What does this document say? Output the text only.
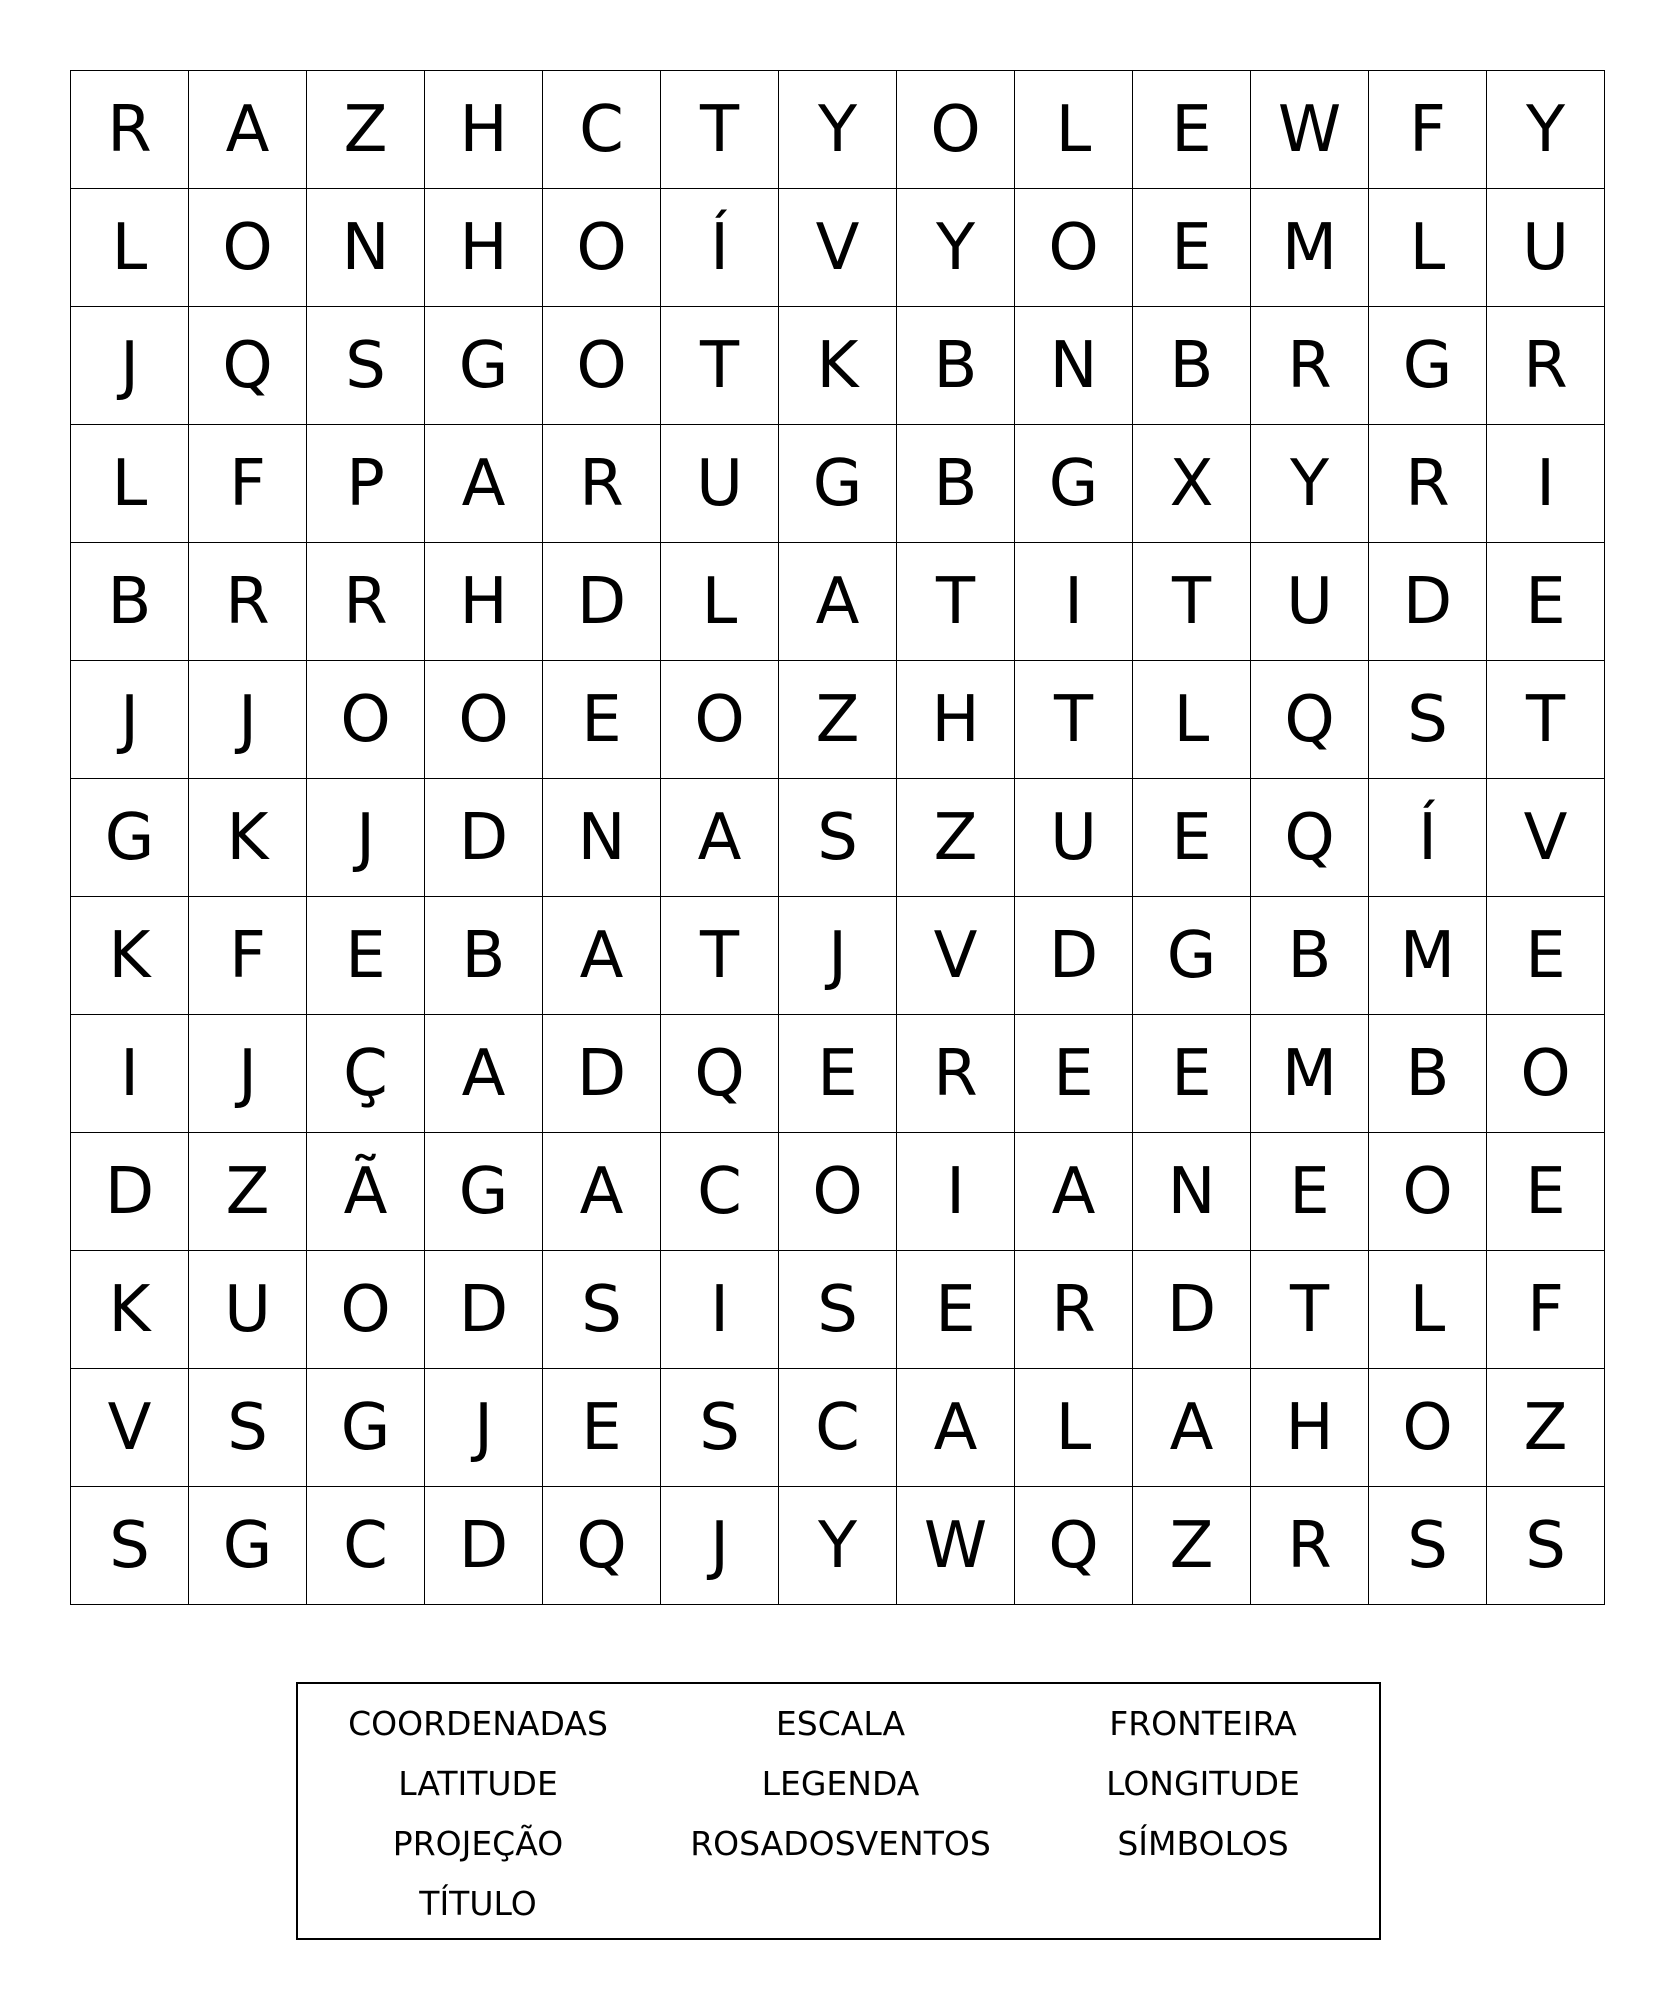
R	A	Z	H	C	T	Y	O	L	E	W	F	Y
L	O	N	H	O	Í	V	Y	O	E	M	L	U
J	Q	S	G	O	T	K	B	N	B	R	G	R
L	F	P	A	R	U	G	B	G	X	Y	R	I
B	R	R	H	D	L	A	T	I	T	U	D	E
J	J	O	O	E	O	Z	H	T	L	Q	S	T
G	K	J	D	N	A	S	Z	U	E	Q	Í	V
K	F	E	B	A	T	J	V	D	G	B	M	E
I	J	Ç	A	D	Q	E	R	E	E	M	B	O
D	Z	Ã	G	A	C	O	I	A	N	E	O	E
K	U	O	D	S	I	S	E	R	D	T	L	F
V	S	G	J	E	S	C	A	L	A	H	O	Z
S	G	C	D	Q	J	Y	W	Q	Z	R	S	S
COORDENADAS	ESCALA	FRONTEIRA
LATITUDE	LEGENDA	LONGITUDE
PROJEÇÃO	ROSADOSVENTOS	SÍMBOLOS
TÍTULO
